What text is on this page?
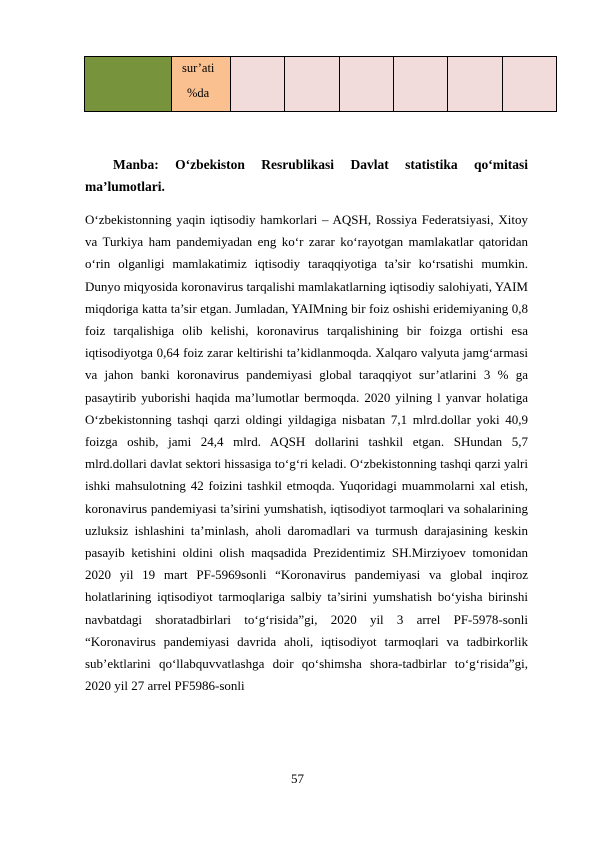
sur’ati
%da

Manba: O‘zbekiston Resrublikasi Davlat statistika qo‘mitasi ma’lumotlari.
O‘zbekistonning yaqin iqtisodiy hamkorlari – AQSH, Rossiya Federatsiyasi, Xitoy va Turkiya ham pandemiyadan eng ko‘r zarar ko‘rayotgan mamlakatlar qatoridan o‘rin olganligi mamlakatimiz iqtisodiy taraqqiyotiga ta’sir ko‘rsatishi mumkin. Dunyo miqyosida koronavirus tarqalishi mamlakatlarning iqtisodiy salohiyati, YAIM miqdoriga katta ta’sir etgan. Jumladan, YAIMning bir foiz oshishi eridemiyaning 0,8 foiz tarqalishiga olib kelishi, koronavirus tarqalishining bir foizga ortishi esa iqtisodiyotga 0,64 foiz zarar keltirishi ta’kidlanmoqda. Xalqaro valyuta jamg‘armasi va jahon banki koronavirus pandemiyasi global taraqqiyot sur’atlarini 3 % ga pasaytirib yuborishi haqida ma’lumotlar bermoqda. 2020 yilning l yanvar holatiga O‘zbekistonning tashqi qarzi oldingi yildagiga nisbatan 7,1 mlrd.dollar yoki 40,9 foizga oshib, jami 24,4 mlrd. AQSH dollarini tashkil etgan. SHundan 5,7 mlrd.dollari davlat sektori hissasiga to‘g‘ri keladi. O‘zbekistonning tashqi qarzi yalri ishki mahsulotning 42 foizini tashkil etmoqda. Yuqoridagi muammolarni xal etish, koronavirus pandemiyasi ta’sirini yumshatish, iqtisodiyot tarmoqlari va sohalarining uzluksiz ishlashini ta’minlash, aholi daromadlari va turmush darajasining keskin pasayib ketishini oldini olish maqsadida Prezidentimiz SH.Mirziyoev tomonidan 2020 yil 19 mart PF-5969sonli “Koronavirus pandemiyasi va global inqiroz holatlarining iqtisodiyot tarmoqlariga salbiy ta’sirini yumshatish bo‘yisha birinshi navbatdagi shoratadbirlari to‘g‘risida”gi, 2020 yil 3 arrel PF-5978-sonli “Koronavirus pandemiyasi davrida aholi, iqtisodiyot tarmoqlari va tadbirkorlik sub’ektlarini qo‘llabquvvatlashga doir qo‘shimsha shora-tadbirlar to‘g‘risida”gi, 2020 yil 27 arrel PF5986-sonli
57
